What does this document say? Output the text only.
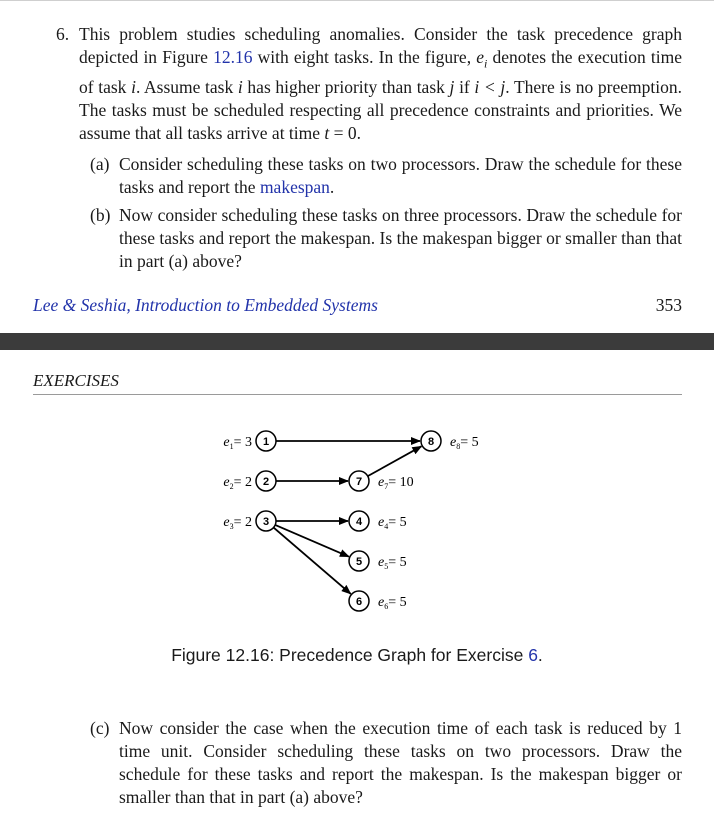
6. This problem studies scheduling anomalies. Consider the task precedence graph depicted in Figure 12.16 with eight tasks. In the figure, $e_i$ denotes the execution time of task i. Assume task i has higher priority than task j if i < j. There is no preemption. The tasks must be scheduled respecting all precedence constraints and priorities. We assume that all tasks arrive at time t = 0.
(a) Consider scheduling these tasks on two processors. Draw the schedule for these tasks and report the makespan.
(b) Now consider scheduling these tasks on three processors. Draw the schedule for these tasks and report the makespan. Is the makespan bigger or smaller than that in part (a) above?
Lee & Seshia, Introduction to Embedded Systems	353
EXERCISES
1
2
3	4
5
6
7
8
$e_1= 3$
$e_2= 2$
$e_3= 2$	$e_4= 5$
$e_5= 5$
$e_6= 5$
$e_7= 10$
$e_8= 5$
Figure 12.16: Precedence Graph for Exercise 6.
(c) Now consider the case when the execution time of each task is reduced by 1 time unit. Consider scheduling these tasks on two processors. Draw the schedule for these tasks and report the makespan. Is the makespan bigger or smaller than that in part (a) above?
